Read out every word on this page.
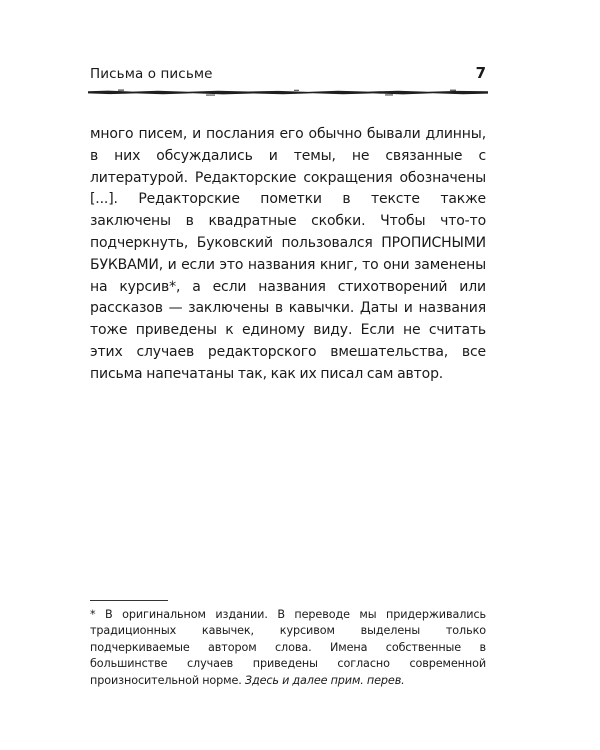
Письма о письме	7

много писем, и послания его обычно бывали длинны, в них обсуждались и темы, не связанные с литературой. Редакторские сокращения обозначены [...]. Редакторские пометки в тексте также заключены в квадратные скобки. Чтобы что-то подчеркнуть, Буковский пользовался ПРОПИСНЫМИ БУКВАМИ, и если это названия книг, то они заменены на курсив*, а если названия стихотворений или рассказов — заключены в кавычки. Даты и названия тоже приведены к единому виду. Если не считать этих случаев редакторского вмешательства, все письма напечатаны так, как их писал сам автор.

* В оригинальном издании. В переводе мы придерживались традиционных кавычек, курсивом выделены только подчеркиваемые автором слова. Имена собственные в большинстве случаев приведены согласно современной произносительной норме. Здесь и далее прим. перев.
